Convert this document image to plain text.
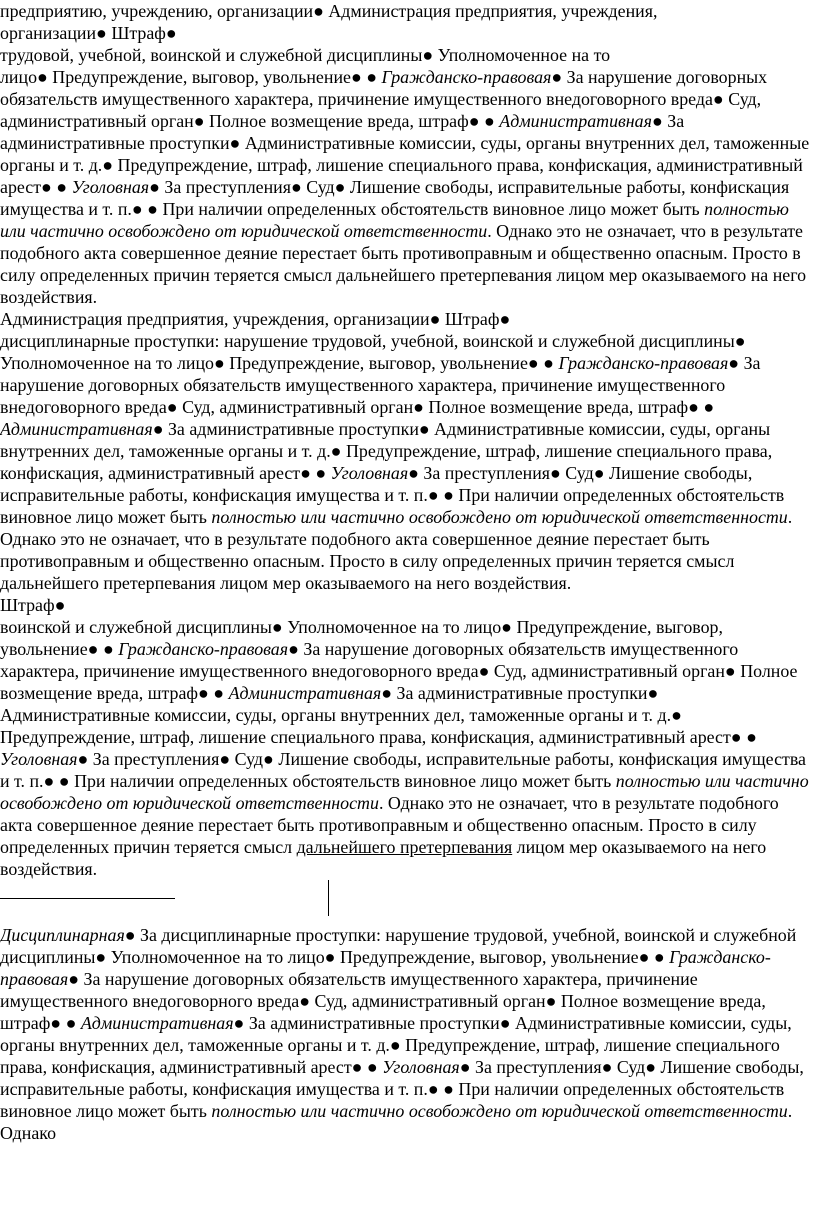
предприятию, учреждению, организации● Администрация предприятия, учреждения,
организации● Штраф●
трудовой, учебной, воинской и служебной дисциплины● Уполномоченное на то
лицо● Предупреждение, выговор, увольнение● ● Гражданско-правовая● За нарушение договорных обязательств имущественного характера, причинение имущественного внедоговорного вреда● Суд, административный орган● Полное возмещение вреда, штраф● ● Административная● За административные проступки● Административные комиссии, суды, органы внутренних дел, таможенные органы и т. д.● Предупреждение, штраф, лишение специального права, конфискация, административный арест● ● Уголовная● За преступления● Суд● Лишение свободы, исправительные работы, конфискация имущества и т. п.● ● При наличии определенных обстоятельств виновное лицо может быть полностью или частично освобождено от юридической ответственности. Однако это не означает, что в результате подобного акта совершенное деяние перестает быть противоправным и общественно опасным. Просто в силу определенных причин теряется смысл дальнейшего претерпевания лицом мер оказываемого на него воздействия.

Администрация предприятия, учреждения, организации● Штраф●
дисциплинарные проступки: нарушение трудовой, учебной, воинской и служебной дисциплины● Уполномоченное на то лицо● Предупреждение, выговор, увольнение● ● Гражданско-правовая● За нарушение договорных обязательств имущественного характера, причинение имущественного внедоговорного вреда● Суд, административный орган● Полное возмещение вреда, штраф● ● Административная● За административные проступки● Административные комиссии, суды, органы внутренних дел, таможенные органы и т. д.● Предупреждение, штраф, лишение специального права, конфискация, административный арест● ● Уголовная● За преступления● Суд● Лишение свободы, исправительные работы, конфискация имущества и т. п.● ● При наличии определенных обстоятельств виновное лицо может быть полностью или частично освобождено от юридической ответственности. Однако это не означает, что в результате подобного акта совершенное деяние перестает быть противоправным и общественно опасным. Просто в силу определенных причин теряется смысл дальнейшего претерпевания лицом мер оказываемого на него воздействия.

Штраф●
воинской и служебной дисциплины● Уполномоченное на то лицо● Предупреждение, выговор, увольнение● ● Гражданско-правовая● За нарушение договорных обязательств имущественного характера, причинение имущественного внедоговорного вреда● Суд, административный орган● Полное возмещение вреда, штраф● ● Административная● За административные проступки● Административные комиссии, суды, органы внутренних дел, таможенные органы и т. д.● Предупреждение, штраф, лишение специального права, конфискация, административный арест● ● Уголовная● За преступления● Суд● Лишение свободы, исправительные работы, конфискация имущества и т. п.● ● При наличии определенных обстоятельств виновное лицо может быть полностью или частично освобождено от юридической ответственности. Однако это не означает, что в результате подобного акта совершенное деяние перестает быть противоправным и общественно опасным. Просто в силу определенных причин теряется смысл дальнейшего претерпевания лицом мер оказываемого на него воздействия.

Дисциплинарная● За дисциплинарные проступки: нарушение трудовой, учебной, воинской и служебной дисциплины● Уполномоченное на то лицо● Предупреждение, выговор, увольнение● ● Гражданско-правовая● За нарушение договорных обязательств имущественного характера, причинение имущественного внедоговорного вреда● Суд, административный орган● Полное возмещение вреда, штраф● ● Административная● За административные проступки● Административные комиссии, суды, органы внутренних дел, таможенные органы и т. д.● Предупреждение, штраф, лишение специального права, конфискация, административный арест● ● Уголовная● За преступления● Суд● Лишение свободы, исправительные работы, конфискация имущества и т. п.● ● При наличии определенных обстоятельств виновное лицо может быть полностью или частично освобождено от юридической ответственности. Однако
